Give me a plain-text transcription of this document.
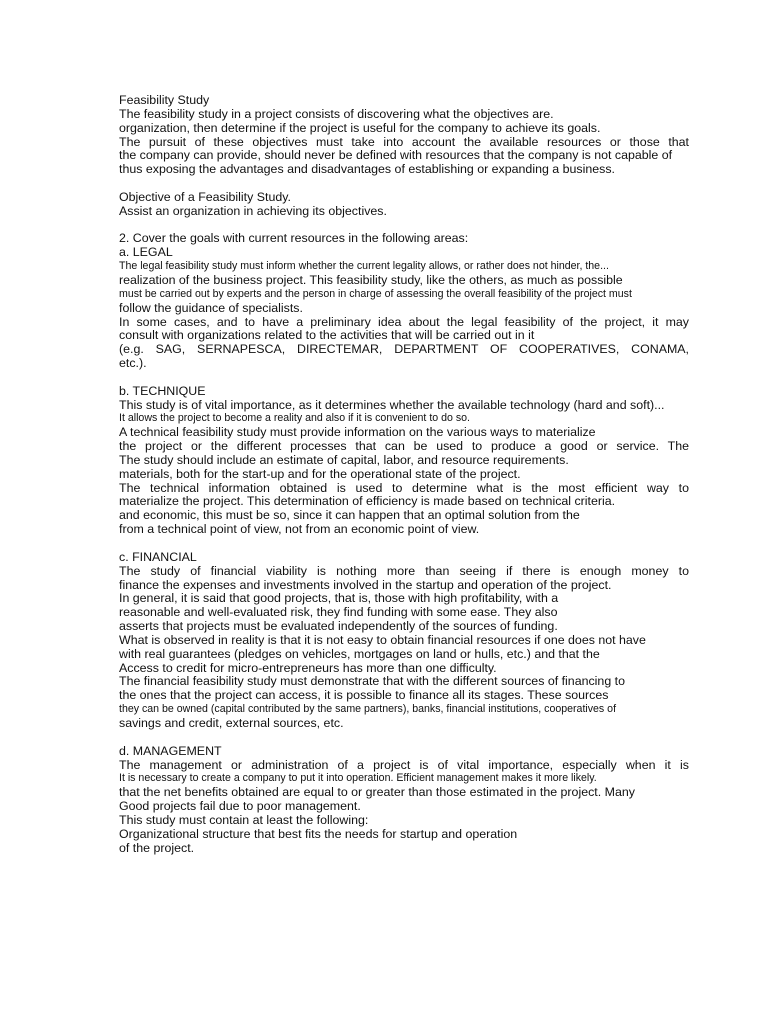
Feasibility Study
The feasibility study in a project consists of discovering what the objectives are.
organization, then determine if the project is useful for the company to achieve its goals.
The pursuit of these objectives must take into account the available resources or those that
the company can provide, should never be defined with resources that the company is not capable of
thus exposing the advantages and disadvantages of establishing or expanding a business.
Objective of a Feasibility Study.
Assist an organization in achieving its objectives.
2. Cover the goals with current resources in the following areas:
a. LEGAL
The legal feasibility study must inform whether the current legality allows, or rather does not hinder, the...
realization of the business project. This feasibility study, like the others, as much as possible
must be carried out by experts and the person in charge of assessing the overall feasibility of the project must
follow the guidance of specialists.
In some cases, and to have a preliminary idea about the legal feasibility of the project, it may
consult with organizations related to the activities that will be carried out in it
(e.g. SAG, SERNAPESCA, DIRECTEMAR, DEPARTMENT OF COOPERATIVES, CONAMA,
etc.).
b. TECHNIQUE
This study is of vital importance, as it determines whether the available technology (hard and soft)...
It allows the project to become a reality and also if it is convenient to do so.
A technical feasibility study must provide information on the various ways to materialize
the project or the different processes that can be used to produce a good or service. The
The study should include an estimate of capital, labor, and resource requirements.
materials, both for the start-up and for the operational state of the project.
The technical information obtained is used to determine what is the most efficient way to
materialize the project. This determination of efficiency is made based on technical criteria.
and economic, this must be so, since it can happen that an optimal solution from the
from a technical point of view, not from an economic point of view.
c. FINANCIAL
The study of financial viability is nothing more than seeing if there is enough money to
finance the expenses and investments involved in the startup and operation of the project.
In general, it is said that good projects, that is, those with high profitability, with a
reasonable and well-evaluated risk, they find funding with some ease. They also
asserts that projects must be evaluated independently of the sources of funding.
What is observed in reality is that it is not easy to obtain financial resources if one does not have
with real guarantees (pledges on vehicles, mortgages on land or hulls, etc.) and that the
Access to credit for micro-entrepreneurs has more than one difficulty.
The financial feasibility study must demonstrate that with the different sources of financing to
the ones that the project can access, it is possible to finance all its stages. These sources
they can be owned (capital contributed by the same partners), banks, financial institutions, cooperatives of
savings and credit, external sources, etc.
d. MANAGEMENT
The management or administration of a project is of vital importance, especially when it is
It is necessary to create a company to put it into operation. Efficient management makes it more likely.
that the net benefits obtained are equal to or greater than those estimated in the project. Many
Good projects fail due to poor management.
This study must contain at least the following:
Organizational structure that best fits the needs for startup and operation
of the project.
